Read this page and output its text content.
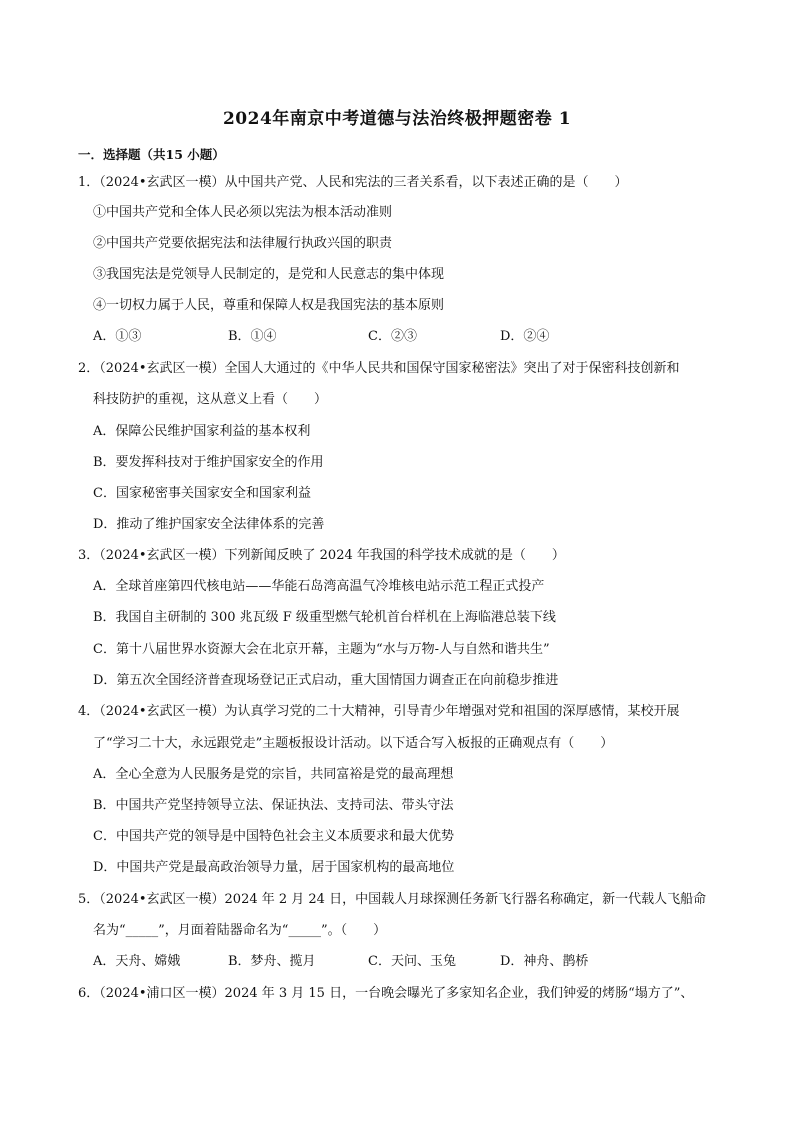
2024年南京中考道德与法治终极押题密卷 1
一．选择题（共15 小题）
1．（2024•玄武区一模）从中国共产党、人民和宪法的三者关系看，以下表述正确的是（　　）
①中国共产党和全体人民必须以宪法为根本活动准则
②中国共产党要依据宪法和法律履行执政兴国的职责
③我国宪法是党领导人民制定的，是党和人民意志的集中体现
④一切权力属于人民，尊重和保障人权是我国宪法的基本原则
A．①③	B．①④	C．②③	D．②④
2．（2024•玄武区一模）全国人大通过的《中华人民共和国保守国家秘密法》突出了对于保密科技创新和
科技防护的重视，这从意义上看（　　）
A．保障公民维护国家利益的基本权利
B．要发挥科技对于维护国家安全的作用
C．国家秘密事关国家安全和国家利益
D．推动了维护国家安全法律体系的完善
3．（2024•玄武区一模）下列新闻反映了 2024 年我国的科学技术成就的是（　　）
A．全球首座第四代核电站——华能石岛湾高温气冷堆核电站示范工程正式投产
B．我国自主研制的 300 兆瓦级 F 级重型燃气轮机首台样机在上海临港总装下线
C．第十八届世界水资源大会在北京开幕，主题为“水与万物-人与自然和谐共生”
D．第五次全国经济普查现场登记正式启动，重大国情国力调查正在向前稳步推进
4．（2024•玄武区一模）为认真学习党的二十大精神，引导青少年增强对党和祖国的深厚感情，某校开展
了“学习二十大，永远跟党走”主题板报设计活动。以下适合写入板报的正确观点有（　　）
A．全心全意为人民服务是党的宗旨，共同富裕是党的最高理想
B．中国共产党坚持领导立法、保证执法、支持司法、带头守法
C．中国共产党的领导是中国特色社会主义本质要求和最大优势
D．中国共产党是最高政治领导力量，居于国家机构的最高地位
5．（2024•玄武区一模）2024 年 2 月 24 日，中国载人月球探测任务新飞行器名称确定，新一代载人飞船命
名为“_____”，月面着陆器命名为“_____”。（　　）
A．天舟、嫦娥	B．梦舟、揽月	C．天问、玉兔	D．神舟、鹊桥
6．（2024•浦口区一模）2024 年 3 月 15 日，一台晚会曝光了多家知名企业，我们钟爱的烤肠“塌方了”、
